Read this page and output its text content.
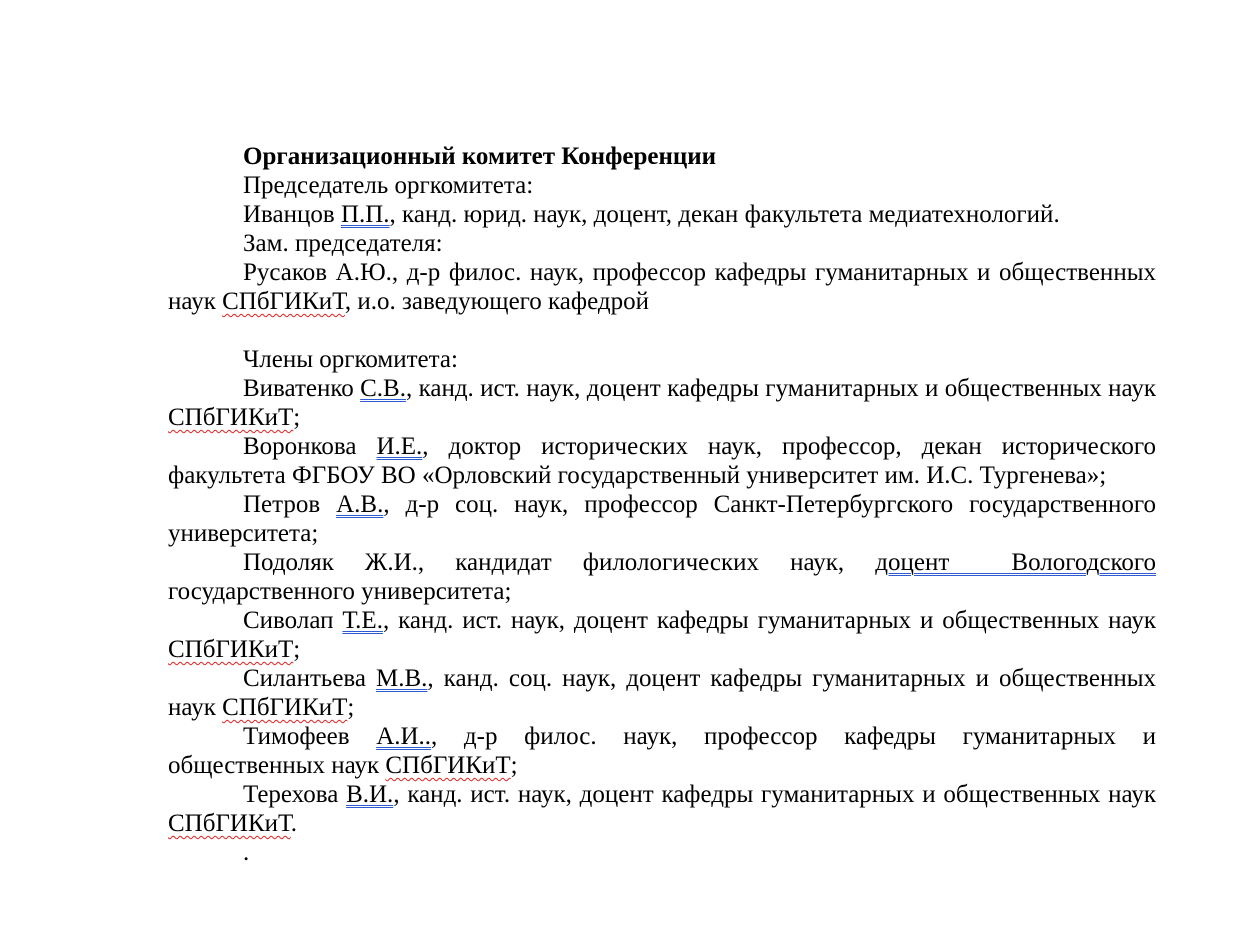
Организационный комитет Конференции

Председатель оргкомитета:

Иванцов П.П., канд. юрид. наук, доцент, декан факультета медиатехнологий.

Зам. председателя:

Русаков А.Ю., д-р филос. наук, профессор кафедры гуманитарных и общественных наук СПбГИКиТ, и.о. заведующего кафедрой

Члены оргкомитета:

Виватенко С.В., канд. ист. наук, доцент кафедры гуманитарных и общественных наук СПбГИКиТ;

Воронкова И.Е., доктор исторических наук, профессор, декан исторического факультета ФГБОУ ВО «Орловский государственный университет им. И.С. Тургенева»;

Петров А.В., д-р соц. наук, профессор Санкт-Петербургского государственного университета;

Подоляк Ж.И., кандидат филологических наук, доцент  Вологодского государственного университета;

Сиволап Т.Е., канд. ист. наук, доцент кафедры гуманитарных и общественных наук СПбГИКиТ;

Силантьева М.В., канд. соц. наук, доцент кафедры гуманитарных и общественных наук СПбГИКиТ;

Тимофеев А.И.., д-р филос. наук, профессор кафедры гуманитарных и общественных наук СПбГИКиТ;

Терехова В.И., канд. ист. наук, доцент кафедры гуманитарных и общественных наук СПбГИКиТ.

.
